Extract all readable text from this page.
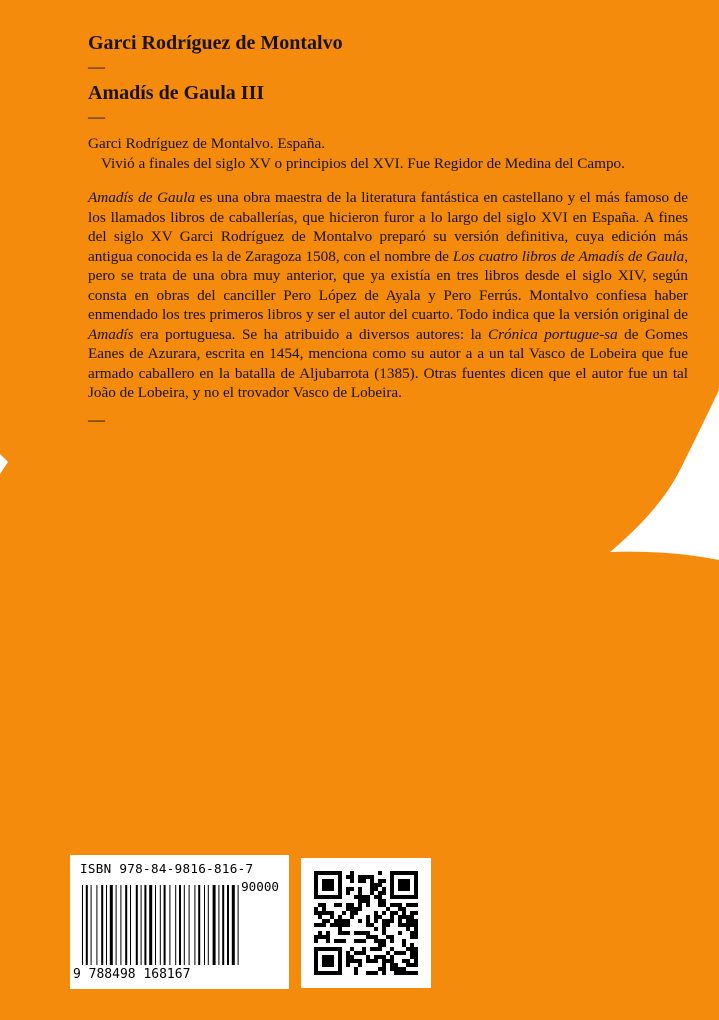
Garci Rodríguez de Montalvo
—
Amadís de Gaula III
—

Garci Rodríguez de Montalvo. España.

Vivió a finales del siglo XV o principios del XVI. Fue Regidor de Medina del Campo.

Amadís de Gaula es una obra maestra de la literatura fantástica en castellano y el más famoso de los llamados libros de caballerías, que hicieron furor a lo largo del siglo XVI en España. A fines del siglo XV Garci Rodríguez de Montalvo preparó su versión definitiva, cuya edición más antigua conocida es la de Zaragoza 1508, con el nombre de Los cuatro libros de Amadís de Gaula, pero se trata de una obra muy anterior, que ya existía en tres libros desde el siglo XIV, según consta en obras del canciller Pero López de Ayala y Pero Ferrús. Montalvo confiesa haber enmendado los tres primeros libros y ser el autor del cuarto. Todo indica que la versión original de Amadís era portuguesa. Se ha atribuido a diversos autores: la Crónica portugue-sa de Gomes Eanes de Azurara, escrita en 1454, menciona como su autor a a un tal Vasco de Lobeira que fue armado caballero en la batalla de Aljubarrota (1385). Otras fuentes dicen que el autor fue un tal João de Lobeira, y no el trovador Vasco de Lobeira.

—
ISBN 978-84-9816-816-7
90000
9 788498 168167
